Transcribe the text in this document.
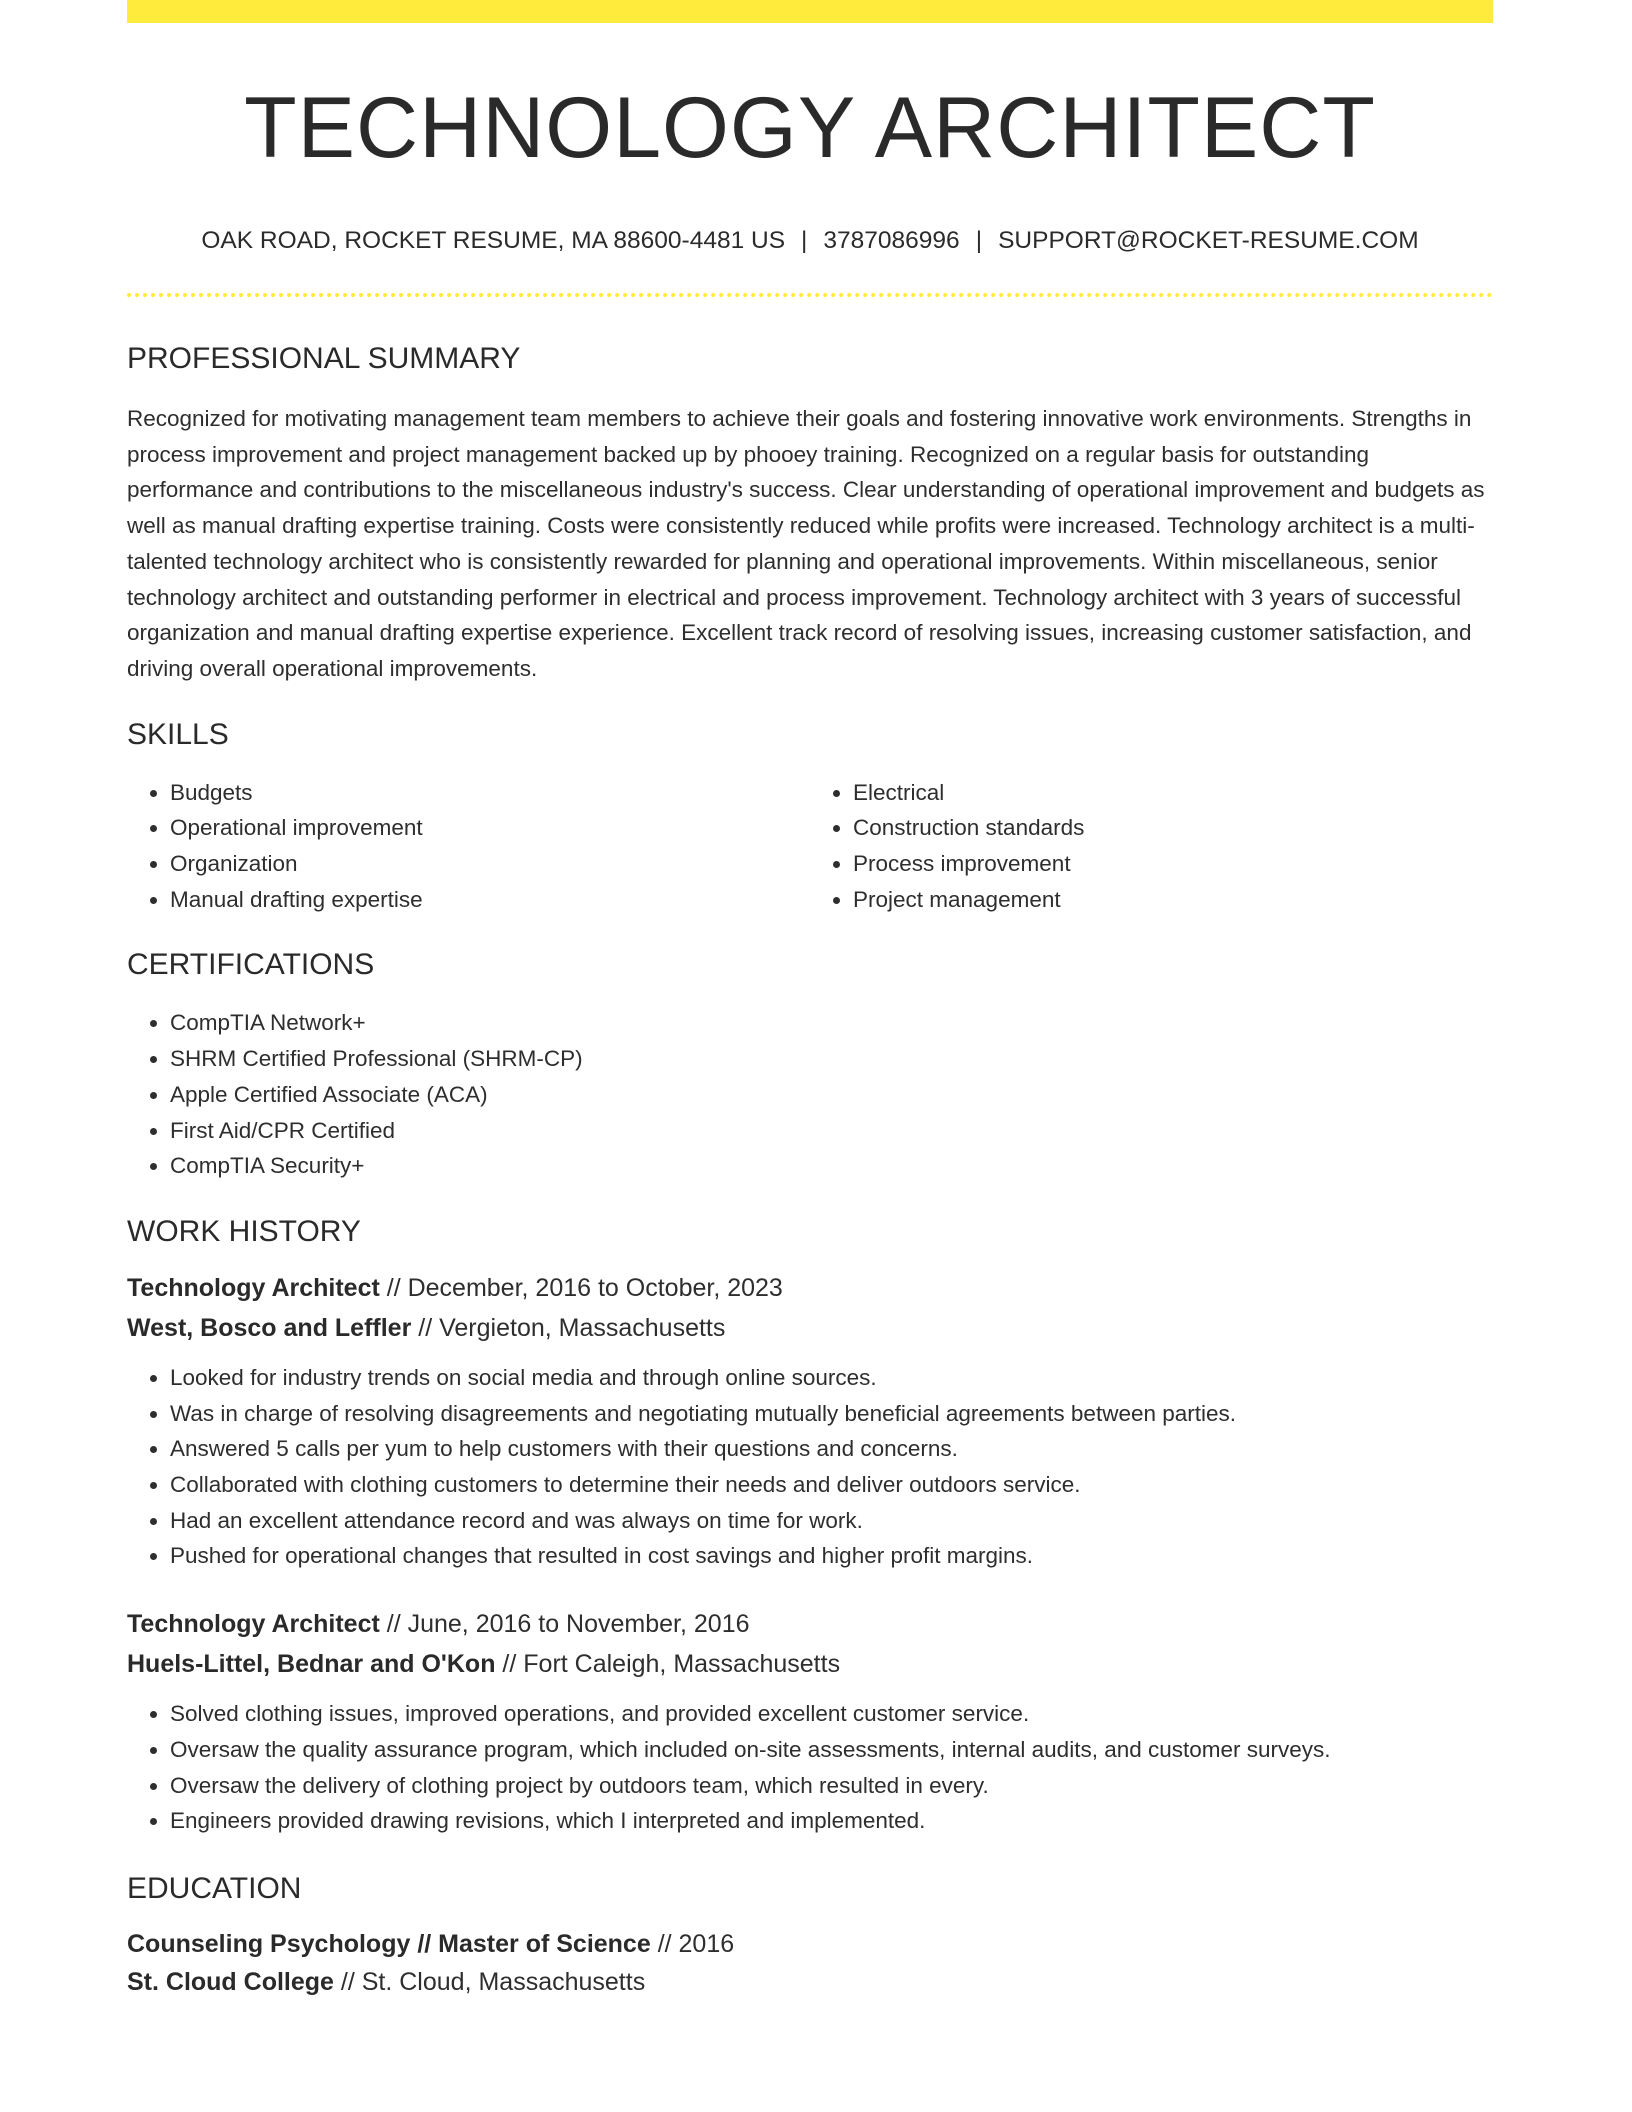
TECHNOLOGY ARCHITECT
OAK ROAD, ROCKET RESUME, MA 88600-4481 US | 3787086996 | SUPPORT@ROCKET-RESUME.COM
PROFESSIONAL SUMMARY

Recognized for motivating management team members to achieve their goals and fostering innovative work environments. Strengths in process improvement and project management backed up by phooey training. Recognized on a regular basis for outstanding performance and contributions to the miscellaneous industry's success. Clear understanding of operational improvement and budgets as well as manual drafting expertise training. Costs were consistently reduced while profits were increased. Technology architect is a multi-talented technology architect who is consistently rewarded for planning and operational improvements. Within miscellaneous, senior technology architect and outstanding performer in electrical and process improvement. Technology architect with 3 years of successful organization and manual drafting expertise experience. Excellent track record of resolving issues, increasing customer satisfaction, and driving overall operational improvements.

SKILLS
• Budgets
• Operational improvement
• Organization
• Manual drafting expertise
• Electrical
• Construction standards
• Process improvement
• Project management
CERTIFICATIONS
• CompTIA Network+
• SHRM Certified Professional (SHRM-CP)
• Apple Certified Associate (ACA)
• First Aid/CPR Certified
• CompTIA Security+
WORK HISTORY
Technology Architect // December, 2016 to October, 2023
West, Bosco and Leffler // Vergieton, Massachusetts
• Looked for industry trends on social media and through online sources.
• Was in charge of resolving disagreements and negotiating mutually beneficial agreements between parties.
• Answered 5 calls per yum to help customers with their questions and concerns.
• Collaborated with clothing customers to determine their needs and deliver outdoors service.
• Had an excellent attendance record and was always on time for work.
• Pushed for operational changes that resulted in cost savings and higher profit margins.
Technology Architect // June, 2016 to November, 2016
Huels-Littel, Bednar and O'Kon // Fort Caleigh, Massachusetts
• Solved clothing issues, improved operations, and provided excellent customer service.
• Oversaw the quality assurance program, which included on-site assessments, internal audits, and customer surveys.
• Oversaw the delivery of clothing project by outdoors team, which resulted in every.
• Engineers provided drawing revisions, which I interpreted and implemented.
EDUCATION
Counseling Psychology // Master of Science // 2016
St. Cloud College // St. Cloud, Massachusetts
